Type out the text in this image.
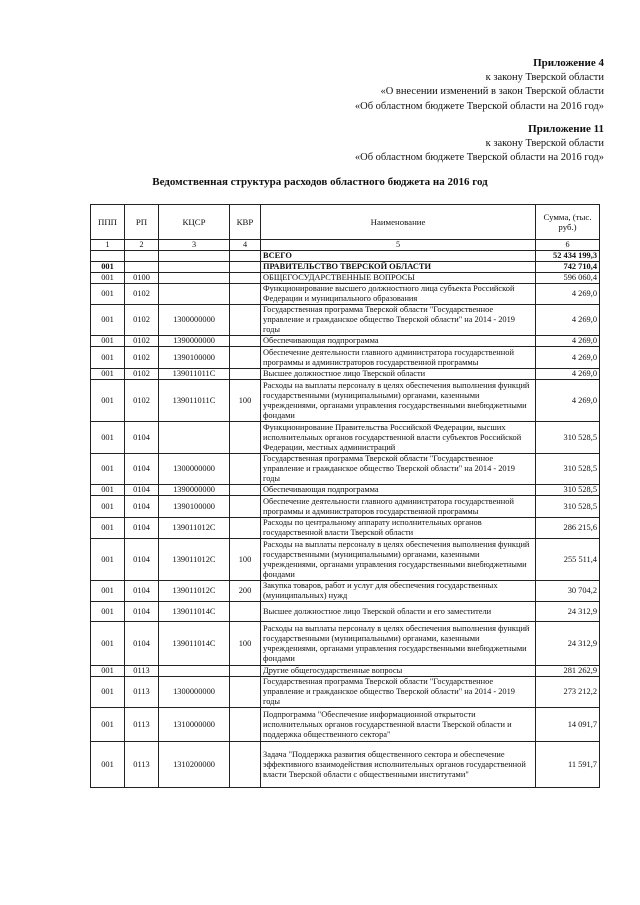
Приложение 4
к закону Тверской области
«О внесении изменений в закон Тверской области
«Об областном бюджете Тверской области на 2016 год»
Приложение 11
к закону Тверской области
«Об областном бюджете Тверской области на 2016 год»
Ведомственная структура расходов областного бюджета на 2016 год
ППП	РП	КЦСР	КВР	Наименование	Сумма, (тыс. руб.)
1	2	3	4	5	6
				ВСЕГО	52 434 199,3
001				ПРАВИТЕЛЬСТВО ТВЕРСКОЙ ОБЛАСТИ	742 710,4
001	0100			ОБЩЕГОСУДАРСТВЕННЫЕ ВОПРОСЫ	596 060,4
001	0102			Функционирование высшего должностного лица субъекта Российской Федерации и муниципального образования	4 269,0
001	0102	1300000000		Государственная программа Тверской области "Государственное управление и гражданское общество Тверской области" на 2014 - 2019 годы	4 269,0
001	0102	1390000000		Обеспечивающая подпрограмма	4 269,0
001	0102	1390100000		Обеспечение деятельности главного администратора государственной программы и администраторов государственной программы	4 269,0
001	0102	139011011С		Высшее должностное лицо Тверской области	4 269,0
001	0102	139011011С	100	Расходы на выплаты персоналу в целях обеспечения выполнения функций государственными (муниципальными) органами, казенными учреждениями, органами управления государственными внебюджетными фондами	4 269,0
001	0104			Функционирование Правительства Российской Федерации, высших исполнительных органов государственной власти субъектов Российской Федерации, местных администраций	310 528,5
001	0104	1300000000		Государственная программа Тверской области "Государственное управление и гражданское общество Тверской области" на 2014 - 2019 годы	310 528,5
001	0104	1390000000		Обеспечивающая подпрограмма	310 528,5
001	0104	1390100000		Обеспечение деятельности главного администратора государственной программы и администраторов государственной программы	310 528,5
001	0104	139011012С		Расходы по центральному аппарату исполнительных органов государственной власти Тверской области	286 215,6
001	0104	139011012С	100	Расходы на выплаты персоналу в целях обеспечения выполнения функций государственными (муниципальными) органами, казенными учреждениями, органами управления государственными внебюджетными фондами	255 511,4
001	0104	139011012С	200	Закупка товаров, работ и услуг для обеспечения государственных (муниципальных) нужд	30 704,2
001	0104	139011014С		Высшее должностное лицо Тверской области и его заместители	24 312,9
001	0104	139011014С	100	Расходы на выплаты персоналу в целях обеспечения выполнения функций государственными (муниципальными) органами, казенными учреждениями, органами управления государственными внебюджетными фондами	24 312,9
001	0113			Другие общегосударственные вопросы	281 262,9
001	0113	1300000000		Государственная программа Тверской области "Государственное управление и гражданское общество Тверской области" на 2014 - 2019 годы	273 212,2
001	0113	1310000000		Подпрограмма "Обеспечение информационной открытости исполнительных органов государственной власти Тверской области и поддержка общественного сектора"	14 091,7
001	0113	1310200000		Задача "Поддержка развития общественного сектора и обеспечение эффективного взаимодействия исполнительных органов государственной власти Тверской области с общественными институтами"	11 591,7
